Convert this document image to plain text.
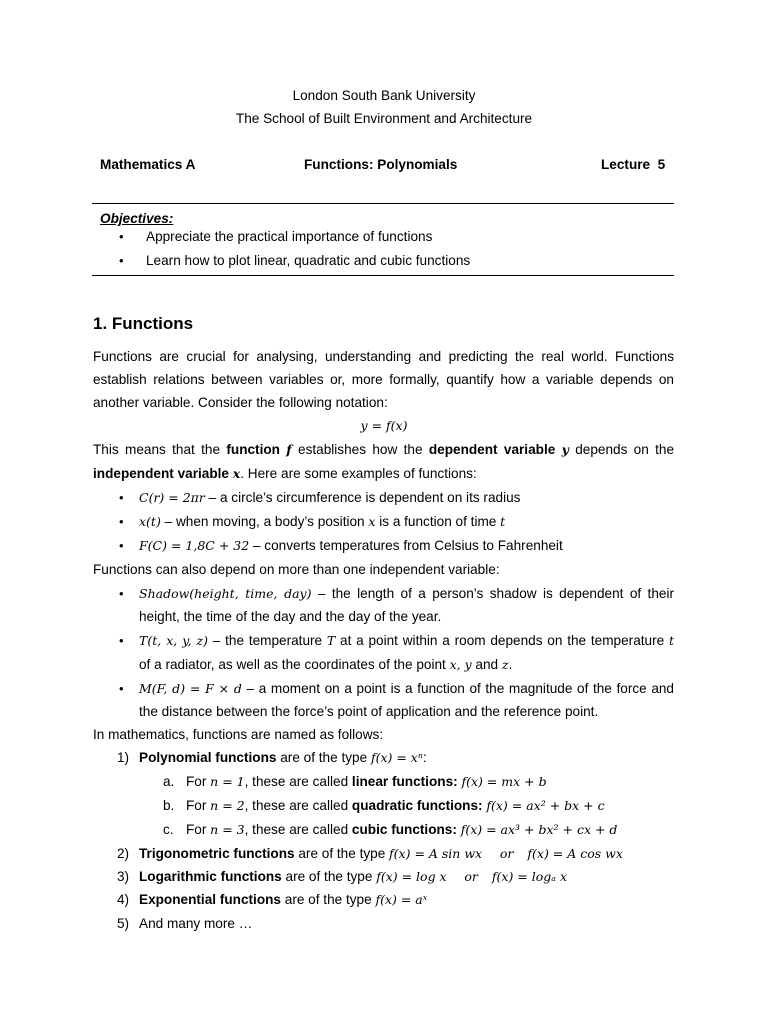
London South Bank University
The School of Built Environment and Architecture
Mathematics A	Functions: Polynomials	Lecture  5
Objectives:
• Appreciate the practical importance of functions
• Learn how to plot linear, quadratic and cubic functions
1. Functions
Functions are crucial for analysing, understanding and predicting the real world. Functions
establish relations between variables or, more formally, quantify how a variable depends on
another variable. Consider the following notation:
y = f(x)
This means that the function f establishes how the dependent variable y depends on the
independent variable x. Here are some examples of functions:
• C(r) = 2πr – a circle’s circumference is dependent on its radius
• x(t) – when moving, a body’s position x is a function of time t
• F(C) = 1,8C + 32 – converts temperatures from Celsius to Fahrenheit
Functions can also depend on more than one independent variable:
• Shadow(height, time, day) – the length of a person’s shadow is dependent of their
height, the time of the day and the day of the year.
• T(t, x, y, z) – the temperature T at a point within a room depends on the temperature t
of a radiator, as well as the coordinates of the point x, y and z.
• M(F, d) = F × d – a moment on a point is a function of the magnitude of the force and
the distance between the force’s point of application and the reference point.
In mathematics, functions are named as follows:
1) Polynomial functions are of the type f(x) = xⁿ:
a. For n = 1, these are called linear functions: f(x) = mx + b
b. For n = 2, these are called quadratic functions: f(x) = ax² + bx + c
c. For n = 3, these are called cubic functions: f(x) = ax³ + bx² + cx + d
2) Trigonometric functions are of the type f(x) = A sin wx or f(x) = A cos wx
3) Logarithmic functions are of the type f(x) = log x or f(x) = logₐ x
4) Exponential functions are of the type f(x) = aˣ
5) And many more …
